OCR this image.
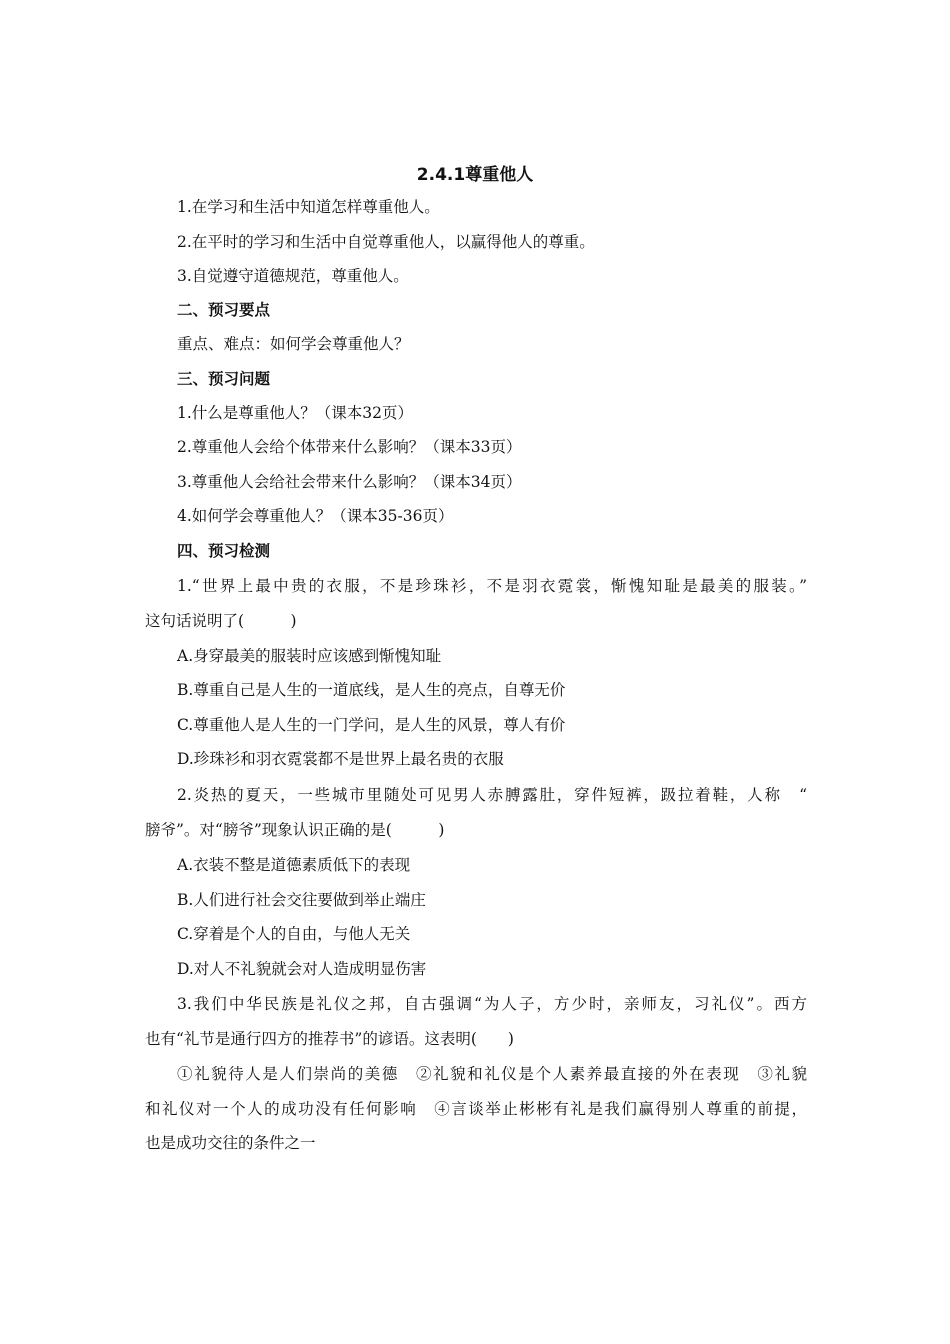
2.4.1尊重他人
1.在学习和生活中知道怎样尊重他人。
2.在平时的学习和生活中自觉尊重他人，以赢得他人的尊重。
3.自觉遵守道德规范，尊重他人。
二、预习要点
重点、难点：如何学会尊重他人？
三、预习问题
1.什么是尊重他人？（课本32页）
2.尊重他人会给个体带来什么影响？（课本33页）
3.尊重他人会给社会带来什么影响？（课本34页）
4.如何学会尊重他人？（课本35-36页）
四、预习检测
1.“世界上最中贵的衣服，不是珍珠衫，不是羽衣霓裳，惭愧知耻是最美的服装。”
这句话说明了(　　　)
A.身穿最美的服装时应该感到惭愧知耻
B.尊重自己是人生的一道底线，是人生的亮点，自尊无价
C.尊重他人是人生的一门学问，是人生的风景，尊人有价
D.珍珠衫和羽衣霓裳都不是世界上最名贵的衣服
2.炎热的夏天，一些城市里随处可见男人赤膊露肚，穿件短裤，趿拉着鞋，人称　“
膀爷”。对“膀爷”现象认识正确的是(　　　)
A.衣装不整是道德素质低下的表现
B.人们进行社会交往要做到举止端庄
C.穿着是个人的自由，与他人无关
D.对人不礼貌就会对人造成明显伤害
3.我们中华民族是礼仪之邦，自古强调“为人子，方少时，亲师友，习礼仪”。西方
也有“礼节是通行四方的推荐书”的谚语。这表明(　　)
①礼貌待人是人们崇尚的美德　②礼貌和礼仪是个人素养最直接的外在表现　③礼貌
和礼仪对一个人的成功没有任何影响　④言谈举止彬彬有礼是我们赢得别人尊重的前提，
也是成功交往的条件之一
